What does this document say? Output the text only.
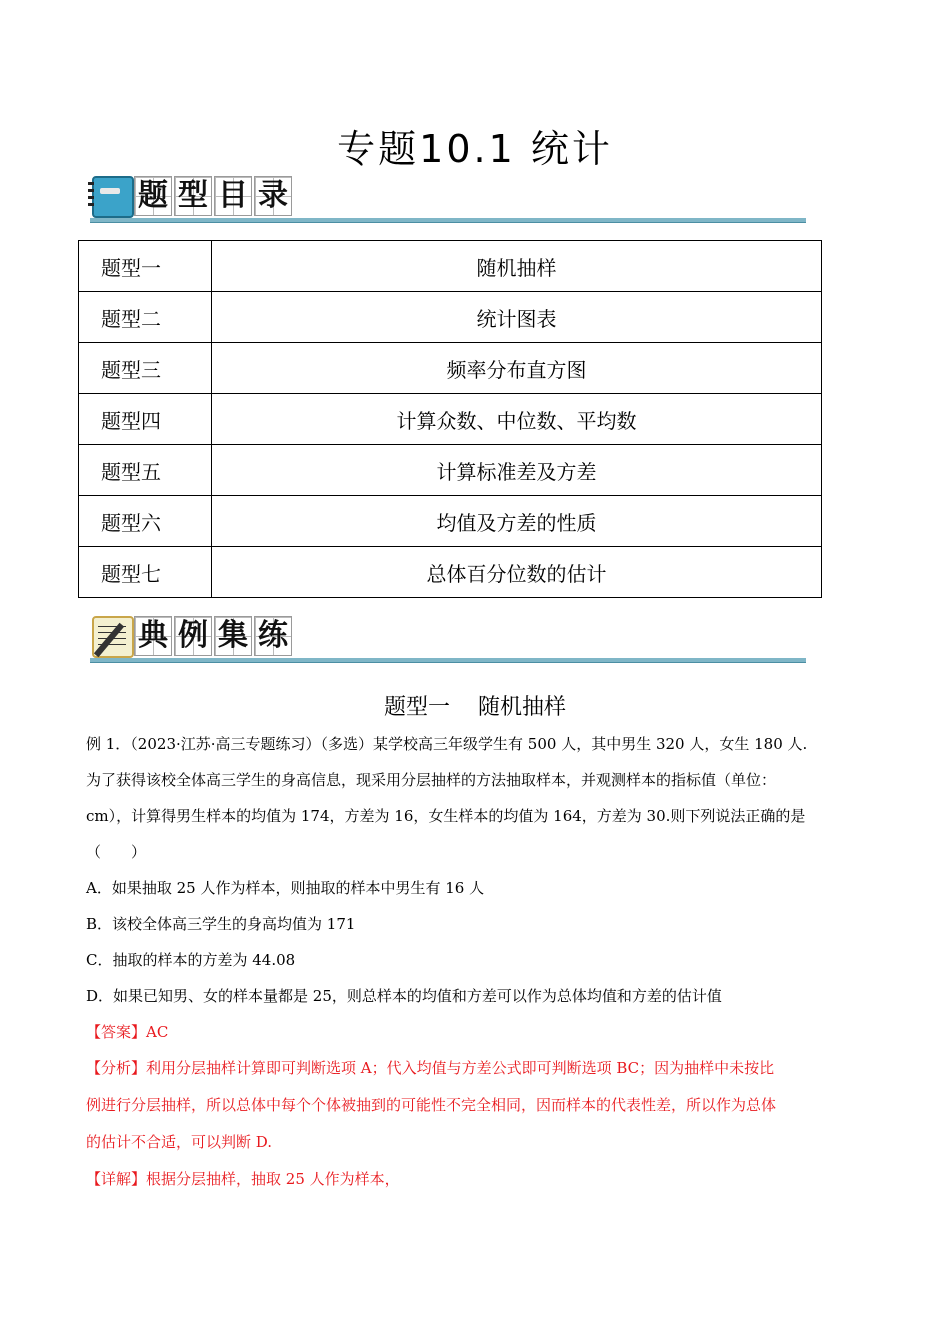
专题10.1 统计
题 型 目 录
题型一	随机抽样
题型二	统计图表
题型三	频率分布直方图
题型四	计算众数、中位数、平均数
题型五	计算标准差及方差
题型六	均值及方差的性质
题型七	总体百分位数的估计
典 例 集 练
题型一 随机抽样

例 1．（2023·江苏·高三专题练习）（多选）某学校高三年级学生有 500 人，其中男生 320 人，女生 180 人.

为了获得该校全体高三学生的身高信息，现采用分层抽样的方法抽取样本，并观测样本的指标值（单位：

cm），计算得男生样本的均值为 174，方差为 16，女生样本的均值为 164，方差为 30.则下列说法正确的是

（　　）

A．如果抽取 25 人作为样本，则抽取的样本中男生有 16 人

B．该校全体高三学生的身高均值为 171

C．抽取的样本的方差为 44.08

D．如果已知男、女的样本量都是 25，则总样本的均值和方差可以作为总体均值和方差的估计值

【答案】AC

【分析】利用分层抽样计算即可判断选项 A；代入均值与方差公式即可判断选项 BC；因为抽样中未按比

例进行分层抽样，所以总体中每个个体被抽到的可能性不完全相同，因而样本的代表性差，所以作为总体

的估计不合适，可以判断 D.

【详解】根据分层抽样，抽取 25 人作为样本，
